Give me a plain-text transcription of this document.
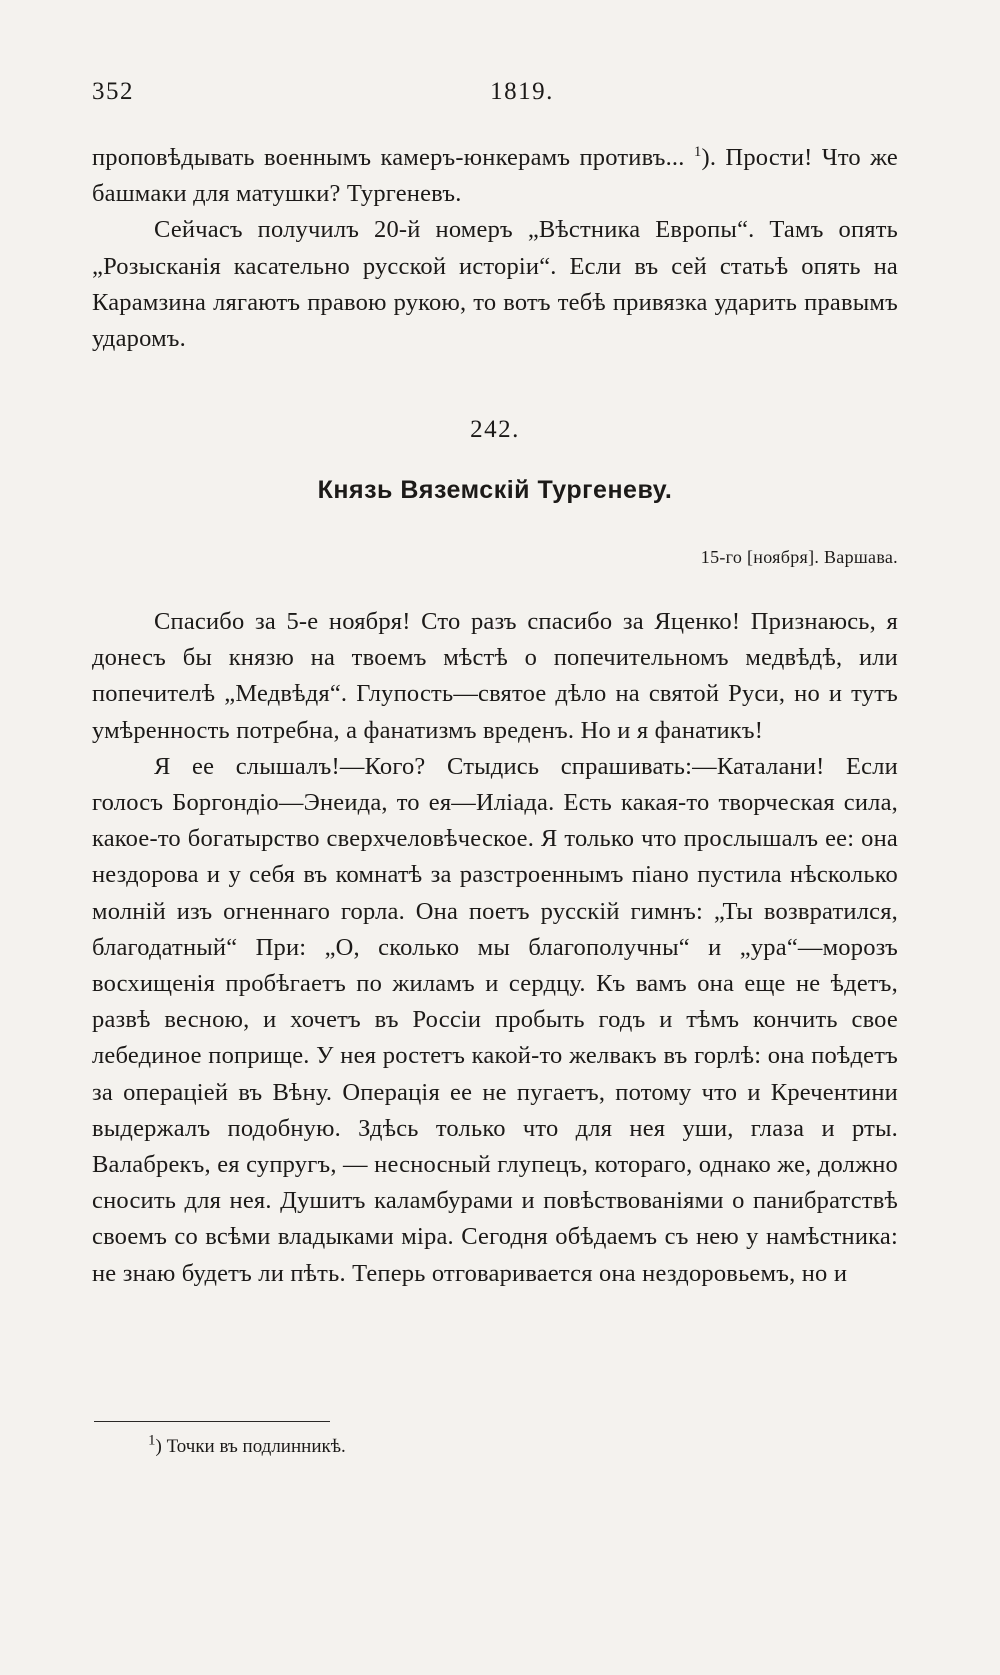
352	1819.

проповѣдывать военнымъ камеръ-юнкерамъ противъ... $^1$). Прости! Что же башмаки для матушки? Тургеневъ.

Сейчасъ получилъ 20-й номеръ „Вѣстника Европы“. Тамъ опять „Розысканія касательно русской исторіи“. Если въ сей статьѣ опять на Карамзина лягаютъ правою рукою, то вотъ тебѣ привязка ударить правымъ ударомъ.

242.
Князь Вяземскій Тургеневу.
15-го [ноября]. Варшава.

Спасибо за 5-е ноября! Сто разъ спасибо за Яценко! Признаюсь, я донесъ бы князю на твоемъ мѣстѣ о попечительномъ медвѣдѣ, или попечителѣ „Медвѣдя“. Глупость—святое дѣло на святой Руси, но и тутъ умѣренность потребна, а фанатизмъ вреденъ. Но и я фанатикъ!

Я ее слышалъ!—Кого? Стыдись спрашивать:—Каталани! Если голосъ Боргондіо—Энеида, то ея—Иліада. Есть какая-то творческая сила, какое-то богатырство сверхчеловѣческое. Я только что прослышалъ ее: она нездорова и у себя въ комнатѣ за разстроеннымъ піано пустила нѣсколько молній изъ огненнаго горла. Она поетъ русскій гимнъ: „Ты возвратился, благодатный“ При: „О, сколько мы благополучны“ и „ура“—морозъ восхищенія пробѣгаетъ по жиламъ и сердцу. Къ вамъ она еще не ѣдетъ, развѣ весною, и хочетъ въ Россіи пробыть годъ и тѣмъ кончить свое лебединое поприще. У нея ростетъ какой-то желвакъ въ горлѣ: она поѣдетъ за операціей въ Вѣну. Операція ее не пугаетъ, потому что и Кречентини выдержалъ подобную. Здѣсь только что для нея уши, глаза и рты. Валабрекъ, ея супругъ, — несносный глупецъ, котораго, однако же, должно сносить для нея. Душитъ каламбурами и повѣствованіями о панибратствѣ своемъ со всѣми владыками міра. Сегодня обѣдаемъ съ нею у намѣстника: не знаю будетъ ли пѣть. Теперь отговаривается она нездоровьемъ, но и

$^1$) Точки въ подлинникѣ.
